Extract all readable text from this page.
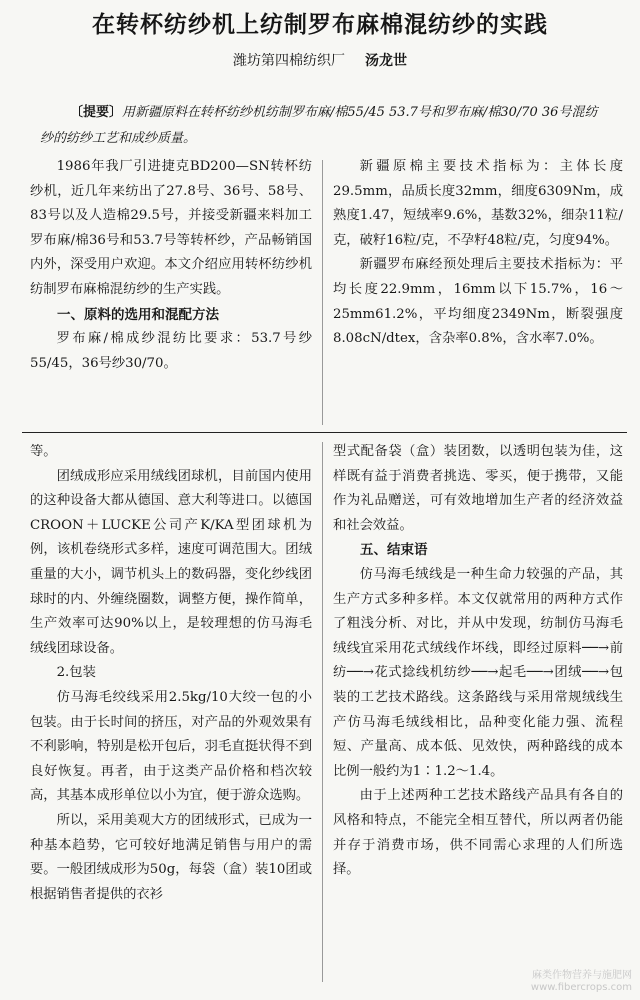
在转杯纺纱机上纺制罗布麻棉混纺纱的实践
潍坊第四棉纺织厂 汤龙世
〔提要〕用新疆原料在转杯纺纱机纺制罗布麻/棉55/45 53.7号和罗布麻/棉30/70 36号混纺纱的纺纱工艺和成纱质量。

1986年我厂引进捷克BD200—SN转杯纺纱机，近几年来纺出了27.8号、36号、58号、83号以及人造棉29.5号，并接受新疆来料加工罗布麻/棉36号和53.7号等转杯纱，产品畅销国内外，深受用户欢迎。本文介绍应用转杯纺纱机纺制罗布麻棉混纺纱的生产实践。

一、原料的选用和混配方法

罗布麻/棉成纱混纺比要求：53.7号纱55/45，36号纱30/70。

新疆原棉主要技术指标为：主体长度29.5mm，品质长度32mm，细度6309Nm，成熟度1.47，短绒率9.6%，基数32%，细杂11粒/克，破籽16粒/克，不孕籽48粒/克，匀度94%。

新疆罗布麻经预处理后主要技术指标为：平均长度22.9mm，16mm以下15.7%，16～25mm61.2%，平均细度2349Nm，断裂强度8.08cN/dtex，含杂率0.8%，含水率7.0%。

等。

团绒成形应采用绒线团球机，目前国内使用的这种设备大都从德国、意大利等进口。以德国CROON＋LUCKE公司产K/KA型团球机为例，该机卷绕形式多样，速度可调范围大。团绒重量的大小，调节机头上的数码器，变化纱线团球时的内、外缠绕圈数，调整方便，操作简单，生产效率可达90%以上，是较理想的仿马海毛绒线团球设备。

2.包装

仿马海毛绞线采用2.5kg/10大绞一包的小包装。由于长时间的挤压，对产品的外观效果有不利影响，特别是松开包后，羽毛直挺状得不到良好恢复。再者，由于这类产品价格和档次较高，其基本成形单位以小为宜，便于游众选购。

所以，采用美观大方的团绒形式，已成为一种基本趋势，它可较好地满足销售与用户的需要。一般团绒成形为50g，每袋（盒）装10团或根据销售者提供的衣衫

型式配备袋（盒）装团数，以透明包装为佳，这样既有益于消费者挑选、零买，便于携带，又能作为礼品赠送，可有效地增加生产者的经济效益和社会效益。

五、结束语

仿马海毛绒线是一种生命力较强的产品，其生产方式多种多样。本文仅就常用的两种方式作了粗浅分析、对比，并从中发现，纺制仿马海毛绒线宜采用花式绒线作坏线，即经过原料──→前纺──→花式捻线机纺纱──→起毛──→团绒──→包装的工艺技术路线。这条路线与采用常规绒线生产仿马海毛绒线相比，品种变化能力强、流程短、产量高、成本低、见效快，两种路线的成本比例一般约为1∶1.2～1.4。

由于上述两种工艺技术路线产品具有各自的风格和特点，不能完全相互替代，所以两者仍能并存于消费市场，供不同需心求理的人们所选择。

麻类作物营养与施肥网
www.fibercrops.com
